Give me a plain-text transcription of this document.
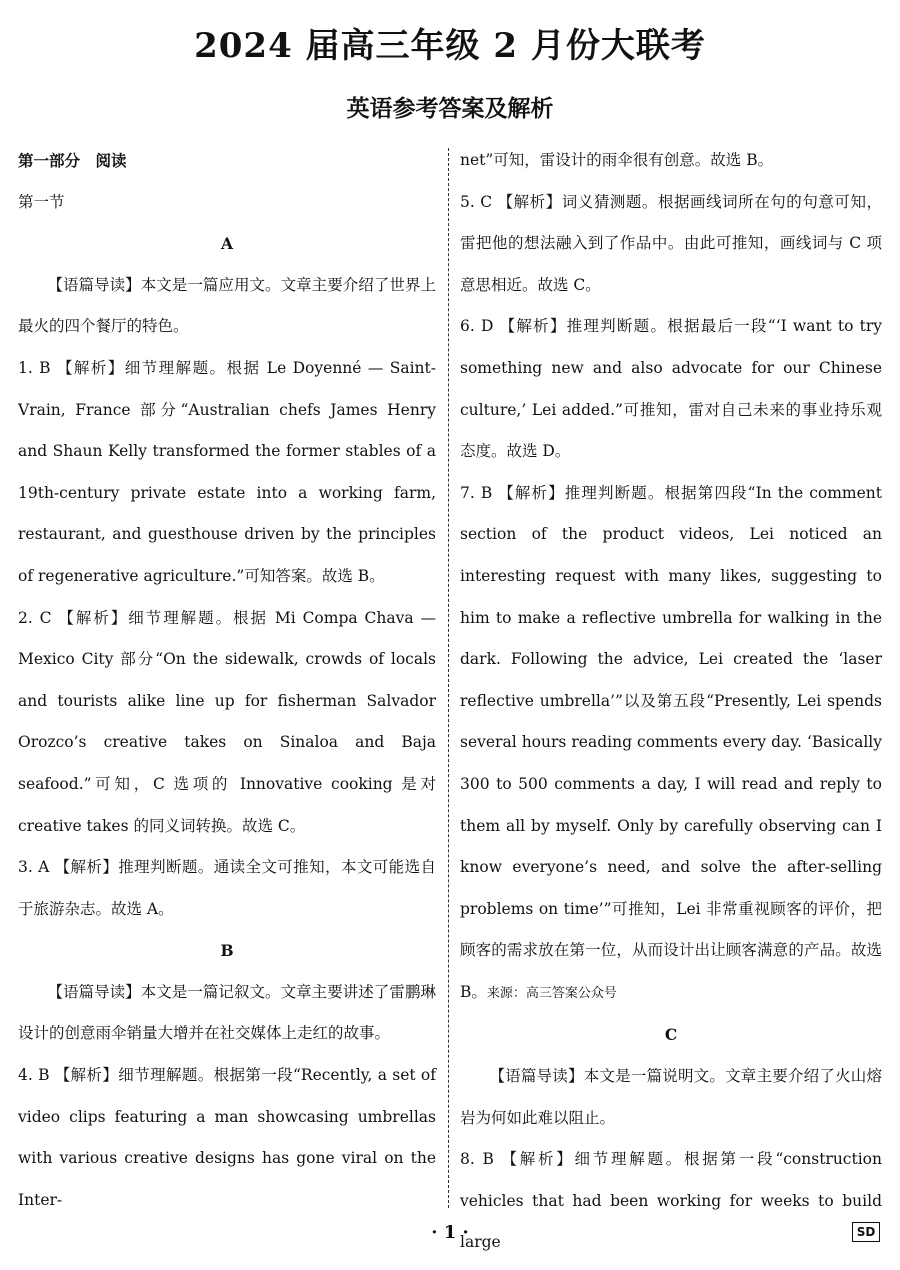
2024 届高三年级 2 月份大联考
英语参考答案及解析

第一部分　阅读

第一节

A

【语篇导读】本文是一篇应用文。文章主要介绍了世界上最火的四个餐厅的特色。

1. B 【解析】细节理解题。根据 Le Doyenné — Saint-Vrain, France 部分“Australian chefs James Henry and Shaun Kelly transformed the former stables of a 19th-century private estate into a working farm, restaurant, and guesthouse driven by the principles of regenerative agriculture.”可知答案。故选 B。

2. C 【解析】细节理解题。根据 Mi Compa Chava — Mexico City 部分“On the sidewalk, crowds of locals and tourists alike line up for fisherman Salvador Orozco’s creative takes on Sinaloa and Baja seafood.”可知，C 选项的 Innovative cooking 是对 creative takes 的同义词转换。故选 C。

3. A 【解析】推理判断题。通读全文可推知，本文可能选自于旅游杂志。故选 A。

B

【语篇导读】本文是一篇记叙文。文章主要讲述了雷鹏琳设计的创意雨伞销量大增并在社交媒体上走红的故事。

4. B 【解析】细节理解题。根据第一段“Recently, a set of video clips featuring a man showcasing umbrellas with various creative designs has gone viral on the Inter-

net”可知，雷设计的雨伞很有创意。故选 B。

5. C 【解析】词义猜测题。根据画线词所在句的句意可知，雷把他的想法融入到了作品中。由此可推知，画线词与 C 项意思相近。故选 C。

6. D 【解析】推理判断题。根据最后一段“‘I want to try something new and also advocate for our Chinese culture,’ Lei added.”可推知，雷对自己未来的事业持乐观态度。故选 D。

7. B 【解析】推理判断题。根据第四段“In the comment section of the product videos, Lei noticed an interesting request with many likes, suggesting to him to make a reflective umbrella for walking in the dark. Following the advice, Lei created the ‘laser reflective umbrella’”以及第五段“Presently, Lei spends several hours reading comments every day. ‘Basically 300 to 500 comments a day, I will read and reply to them all by myself. Only by carefully observing can I know everyone’s need, and solve the after-selling problems on time’”可推知，Lei 非常重视顾客的评价，把顾客的需求放在第一位，从而设计出让顾客满意的产品。故选 B。来源：高三答案公众号

C

【语篇导读】本文是一篇说明文。文章主要介绍了火山熔岩为何如此难以阻止。

8. B 【解析】细节理解题。根据第一段“construction vehicles that had been working for weeks to build large

· 1 ·	SD
